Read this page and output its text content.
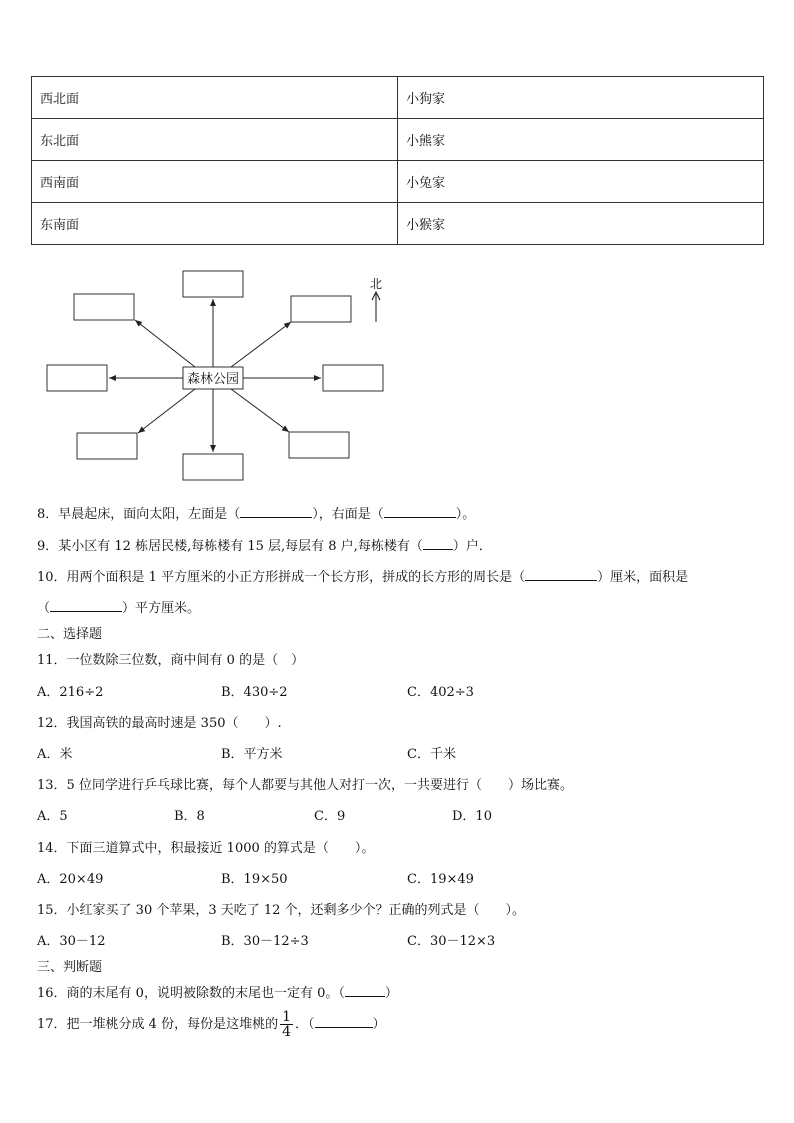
西北面	小狗家
东北面	小熊家
西南面	小兔家
东南面	小猴家
森林公园
北
8．早晨起床，面向太阳，左面是（	），右面是（	）。
9．某小区有 12 栋居民楼,每栋楼有 15 层,每层有 8 户,每栋楼有（ ）户．
10．用两个面积是 1 平方厘米的小正方形拼成一个长方形，拼成的长方形的周长是（	）厘米，面积是
（	）平方厘米。
二、选择题
11．一位数除三位数，商中间有 0 的是（　）
A．216÷2	B．430÷2	C．402÷3
12．我国高铁的最高时速是 350（　　）.
A．米	B．平方米	C．千米
13．5 位同学进行乒乓球比赛，每个人都要与其他人对打一次，一共要进行（　　）场比赛。
A．5	B．8	C．9	D．10
14．下面三道算式中，积最接近 1000 的算式是（　　）。
A．20×49	B．19×50	C．19×49
15．小红家买了 30 个苹果，3 天吃了 12 个，还剩多少个？正确的列式是（　　）。
A．30－12	B．30－12÷3	C．30－12×3
三、判断题
16．商的末尾有 0，说明被除数的末尾也一定有 0。（	）
17．把一堆桃分成 4 份，每份是这堆桃的 $\frac{1}{4}$ ．（	）
